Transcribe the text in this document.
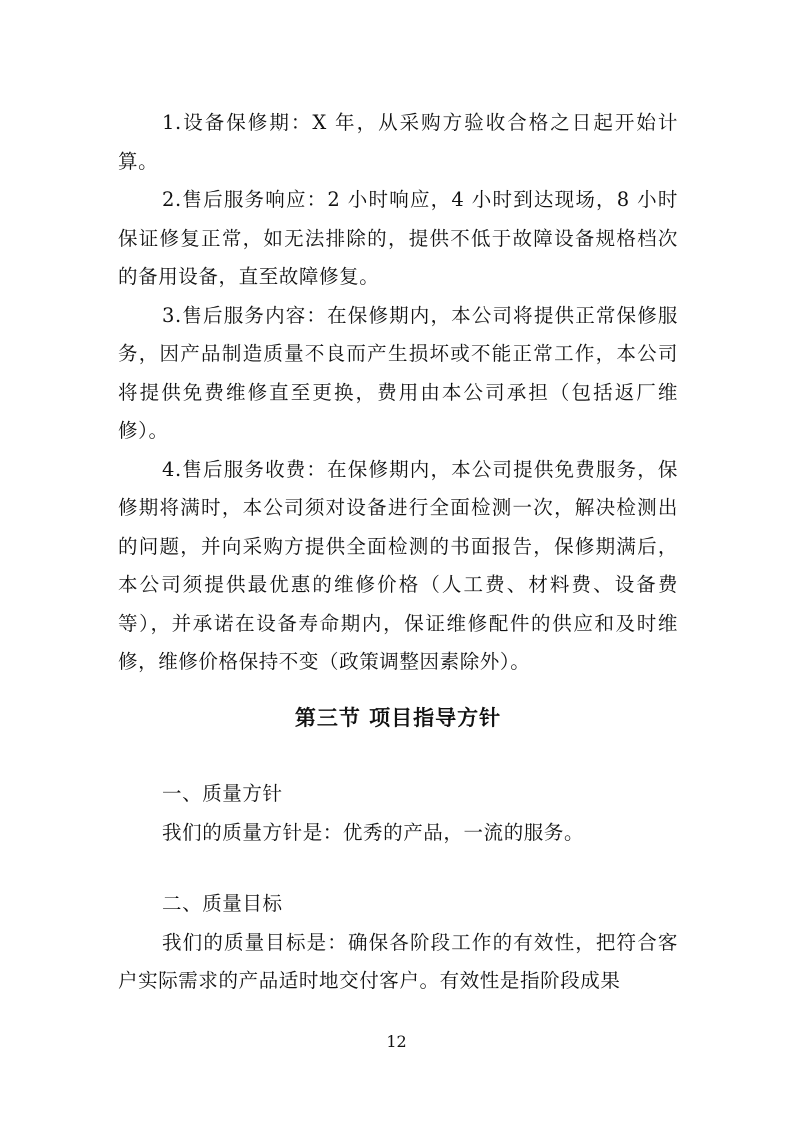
1.设备保修期：X 年，从采购方验收合格之日起开始计算。

2.售后服务响应：2 小时响应，4 小时到达现场，8 小时保证修复正常，如无法排除的，提供不低于故障设备规格档次的备用设备，直至故障修复。

3.售后服务内容：在保修期内，本公司将提供正常保修服务，因产品制造质量不良而产生损坏或不能正常工作，本公司将提供免费维修直至更换，费用由本公司承担（包括返厂维修）。

4.售后服务收费：在保修期内，本公司提供免费服务，保修期将满时，本公司须对设备进行全面检测一次，解决检测出的问题，并向采购方提供全面检测的书面报告，保修期满后，本公司须提供最优惠的维修价格（人工费、材料费、设备费等），并承诺在设备寿命期内，保证维修配件的供应和及时维修，维修价格保持不变（政策调整因素除外）。

第三节 项目指导方针

一、质量方针

我们的质量方针是：优秀的产品，一流的服务。

二、质量目标

我们的质量目标是：确保各阶段工作的有效性，把符合客户实际需求的产品适时地交付客户。有效性是指阶段成果

12
